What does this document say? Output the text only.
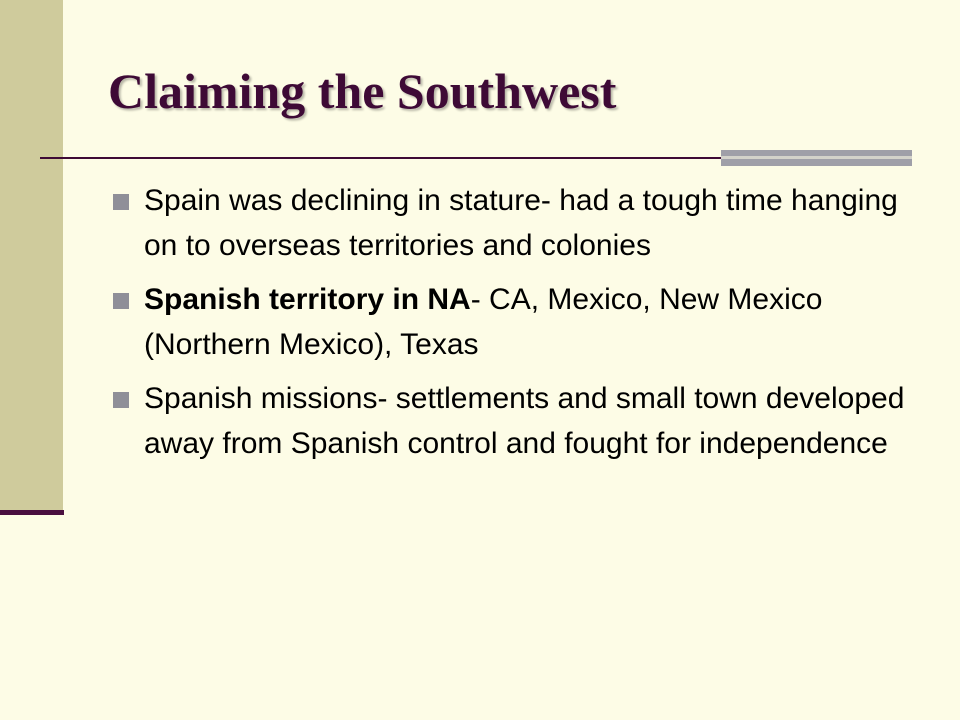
Claiming the Southwest
Spain was declining in stature- had a tough time hanging on to overseas territories and colonies
Spanish territory in NA- CA, Mexico, New Mexico (Northern Mexico), Texas
Spanish missions- settlements and small town developed away from Spanish control and fought for independence
